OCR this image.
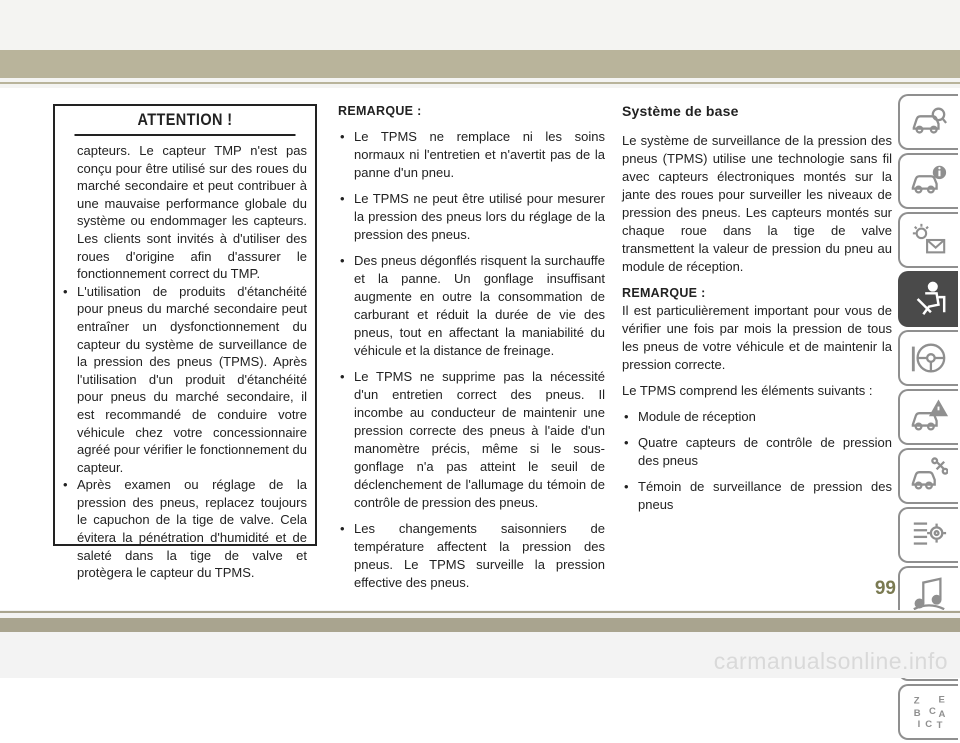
ATTENTION !

capteurs. Le capteur TMP n'est pas conçu pour être utilisé sur des roues du marché secondaire et peut contribuer à une mauvaise performance globale du système ou endommager les capteurs. Les clients sont invités à d'utiliser des roues d'origine afin d'assurer le fonctionnement correct du TMP.

• L'utilisation de produits d'étanchéité pour pneus du marché secondaire peut entraîner un dysfonctionnement du capteur du système de surveillance de la pression des pneus (TPMS). Après l'utilisation d'un produit d'étanchéité pour pneus du marché secondaire, il est recommandé de conduire votre véhicule chez votre concessionnaire agréé pour vérifier le fonctionnement du capteur.

• Après examen ou réglage de la pression des pneus, replacez toujours le capuchon de la tige de valve. Cela évitera la pénétration d'humidité et de saleté dans la tige de valve et protègera le capteur du TPMS.

REMARQUE :

• Le TPMS ne remplace ni les soins normaux ni l'entretien et n'avertit pas de la panne d'un pneu.

• Le TPMS ne peut être utilisé pour mesurer la pression des pneus lors du réglage de la pression des pneus.

• Des pneus dégonflés risquent la surchauffe et la panne. Un gonflage insuffisant augmente en outre la consommation de carburant et réduit la durée de vie des pneus, tout en affectant la maniabilité du véhicule et la distance de freinage.

• Le TPMS ne supprime pas la nécessité d'un entretien correct des pneus. Il incombe au conducteur de maintenir une pression correcte des pneus à l'aide d'un manomètre précis, même si le sous-gonflage n'a pas atteint le seuil de déclenchement de l'allumage du témoin de contrôle de pression des pneus.

• Les changements saisonniers de température affectent la pression des pneus. Le TPMS surveille la pression effective des pneus.

Système de base

Le système de surveillance de la pression des pneus (TPMS) utilise une technologie sans fil avec capteurs électroniques montés sur la jante des roues pour surveiller les niveaux de pression des pneus. Les capteurs montés sur chaque roue dans la tige de valve transmettent la valeur de pression du pneu au module de réception.

REMARQUE :

Il est particulièrement important pour vous de vérifier une fois par mois la pression de tous les pneus de votre véhicule et de maintenir la pression correcte.

Le TPMS comprend les éléments suivants :

• Module de réception

• Quatre capteurs de contrôle de pression des pneus

• Témoin de surveillance de pression des pneus

Z E
B C A
I C T
99
carmanualsonline.info
